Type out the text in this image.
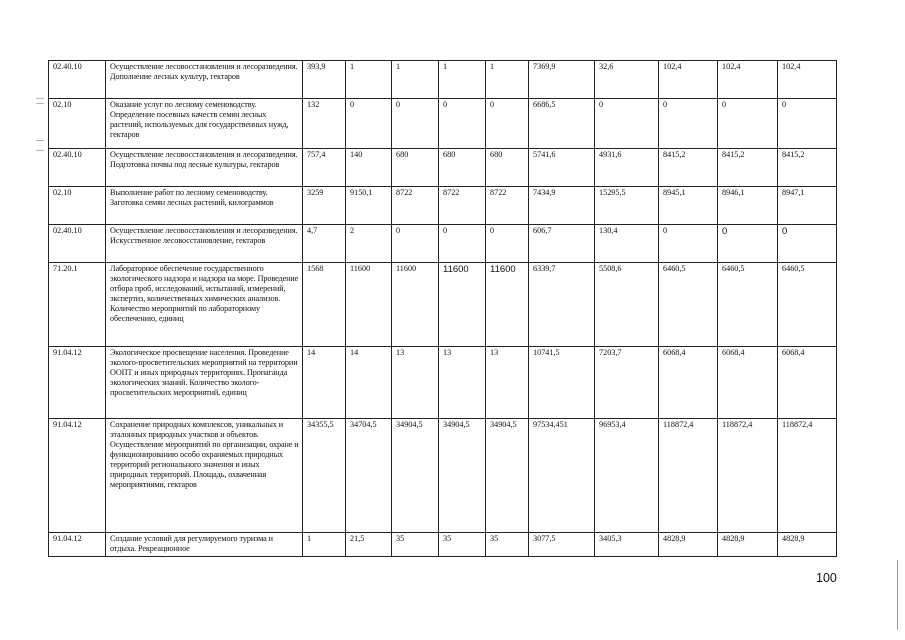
02.40.10	Осуществление лесовосстановления и лесоразведения. Дополнение лесных культур, гектаров	393,9	1	1	1	1	7369,9	32,6	102,4	102,4	102,4
02.10	Оказание услуг по лесному семеноводству. Определение посевных качеств семян лесных растений, используемых для государственных нужд, гектаров	132	0	0	0	0	6686,5	0	0	0	0
02.40.10	Осуществление лесовосстановления и лесоразведения. Подготовка почвы под лесные культуры, гектаров	757,4	140	680	680	680	5741,6	4931,6	8415,2	8415,2	8415,2
02.10	Выполнение работ по лесному семеноводству. Заготовка семян лесных растений, килограммов	3259	9150,1	8722	8722	8722	7434,9	15295,5	8945,1	8946,1	8947,1
02.40.10	Осуществление лесовосстановления и лесоразведения. Искусственное лесовосстановление, гектаров	4,7	2	0	0	0	606,7	130,4	0	0	0
71.20.1	Лабораторное обеспечение государственного экологического надзора и надзора на море. Проведение отбора проб, исследований, испытаний, измерений, экспертиз, количественных химических анализов. Количество мероприятий по лабораторному обеспечению, единиц	1568	11600	11600	11600	11600	6339,7	5508,6	6460,5	6460,5	6460,5
91.04.12	Экологическое просвещение населения. Проведение эколого-просветительских мероприятий на территории ООПТ и иных природных территориях. Пропаганда экологических знаний. Количество эколого-просветительских мероприятий, единиц	14	14	13	13	13	10741,5	7203,7	6068,4	6068,4	6068,4
91.04.12	Сохранение природных комплексов, уникальных и эталонных природных участков и объектов. Осуществление мероприятий по организации, охране и функционированию особо охраняемых природных территорий регионального значения и иных природных территорий. Площадь, охваченная мероприятиями, гектаров	34355,5	34704,5	34904,5	34904,5	34904,5	97534,451	96953,4	118872,4	118872,4	118872,4
91.04.12	Создание условий для регулируемого туризма и отдыха. Рекреационное	1	21,5	35	35	35	3077,5	3405,3	4828,9	4828,9	4828,9
100
